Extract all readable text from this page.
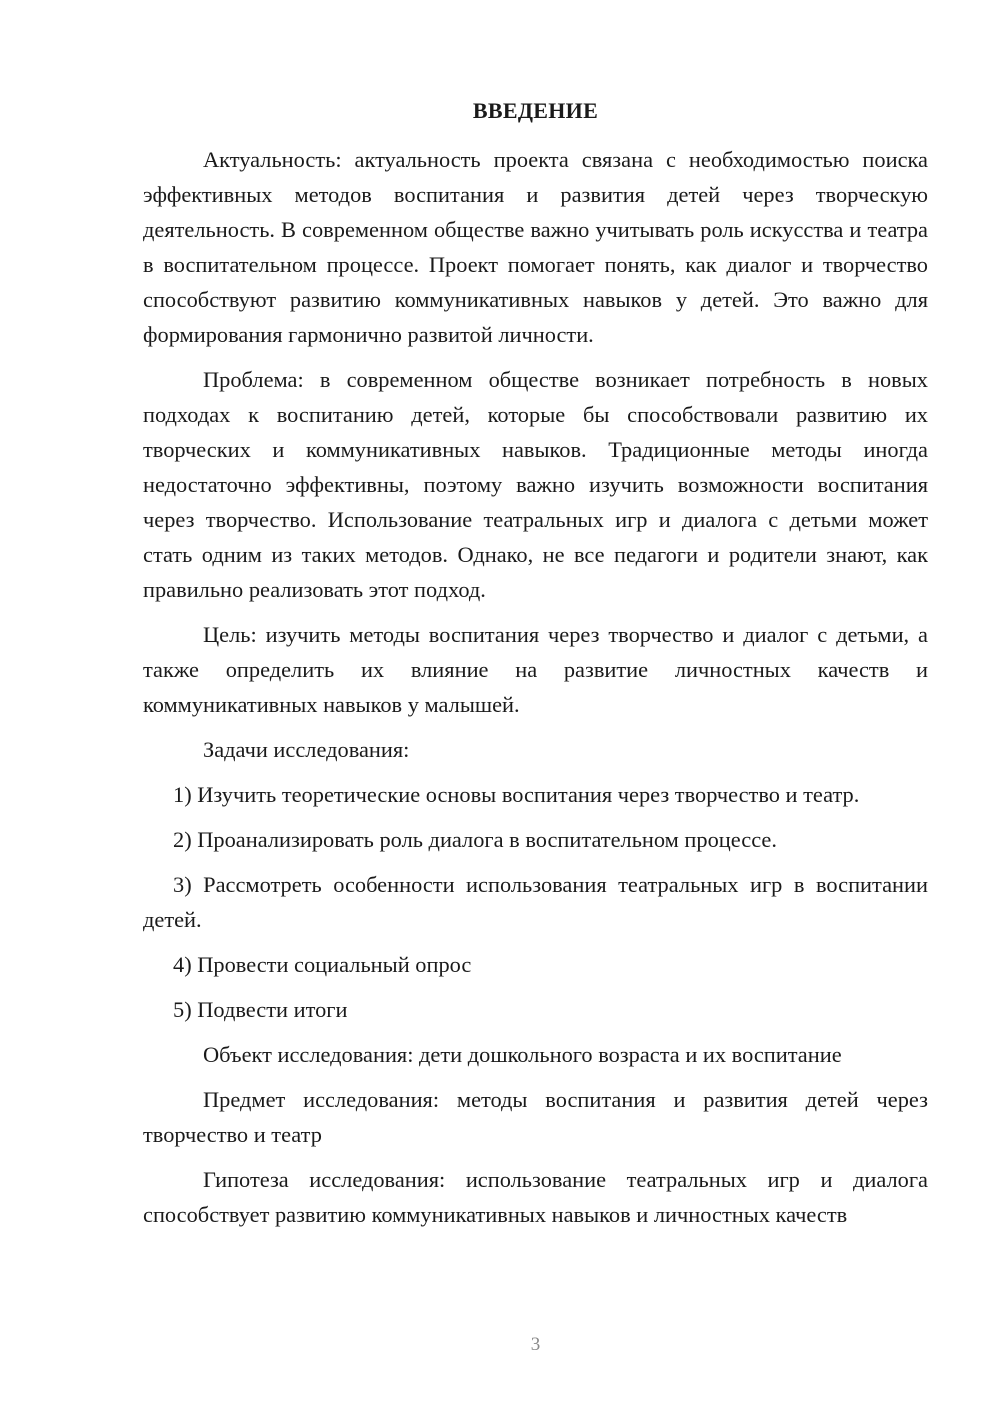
ВВЕДЕНИЕ

Актуальность: актуальность проекта связана с необходимостью поиска эффективных методов воспитания и развития детей через творческую деятельность. В современном обществе важно учитывать роль искусства и театра в воспитательном процессе. Проект помогает понять, как диалог и творчество способствуют развитию коммуникативных навыков у детей. Это важно для формирования гармонично развитой личности.

Проблема: в современном обществе возникает потребность в новых подходах к воспитанию детей, которые бы способствовали развитию их творческих и коммуникативных навыков. Традиционные методы иногда недостаточно эффективны, поэтому важно изучить возможности воспитания через творчество. Использование театральных игр и диалога с детьми может стать одним из таких методов. Однако, не все педагоги и родители знают, как правильно реализовать этот подход.

Цель: изучить методы воспитания через творчество и диалог с детьми, а также определить их влияние на развитие личностных качеств и коммуникативных навыков у малышей.

Задачи исследования:

1) Изучить теоретические основы воспитания через творчество и театр.

2) Проанализировать роль диалога в воспитательном процессе.

3) Рассмотреть особенности использования театральных игр в воспитании детей.

4) Провести социальный опрос

5) Подвести итоги

Объект исследования: дети дошкольного возраста и их воспитание

Предмет исследования: методы воспитания и развития детей через творчество и театр

Гипотеза исследования: использование театральных игр и диалога способствует развитию коммуникативных навыков и личностных качеств

3
